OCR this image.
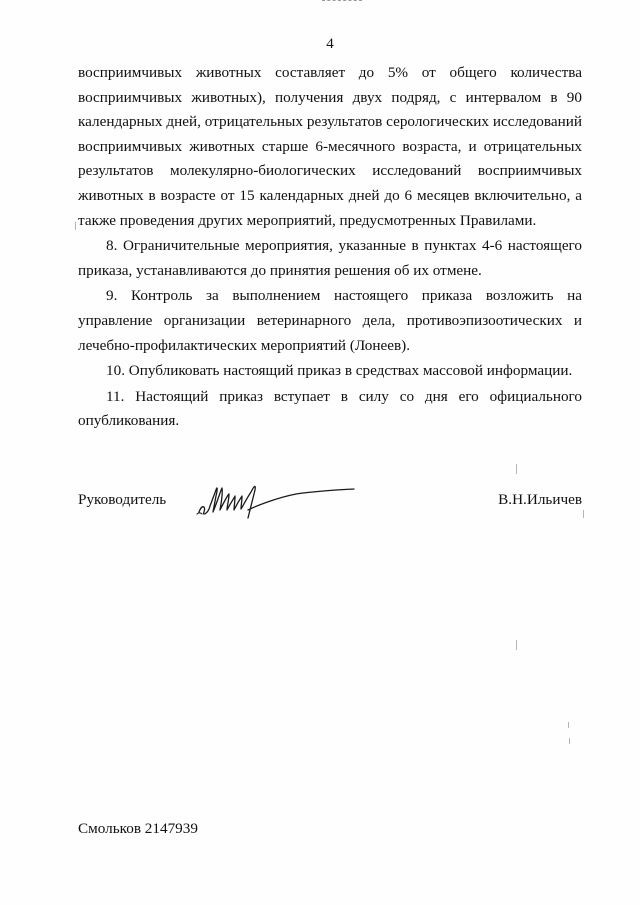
4
восприимчивых животных составляет до 5% от общего количества
восприимчивых животных), получения двух подряд, с интервалом в 90
календарных дней, отрицательных результатов серологических исследований
восприимчивых животных старше 6-месячного возраста, и отрицательных
результатов молекулярно-биологических исследований восприимчивых
животных в возрасте от 15 календарных дней до 6 месяцев включительно, а
также проведения других мероприятий, предусмотренных Правилами.
8. Ограничительные мероприятия, указанные в пунктах 4-6 настоящего
приказа, устанавливаются до принятия решения об их отмене.
9. Контроль за выполнением настоящего приказа возложить на
управление организации ветеринарного дела, противоэпизоотических и
лечебно-профилактических мероприятий (Лонеев).
10. Опубликовать настоящий приказ в средствах массовой информации.
11. Настоящий приказ вступает в силу со дня его официального
опубликования.
Руководитель	В.Н.Ильичев
Смольков 2147939
